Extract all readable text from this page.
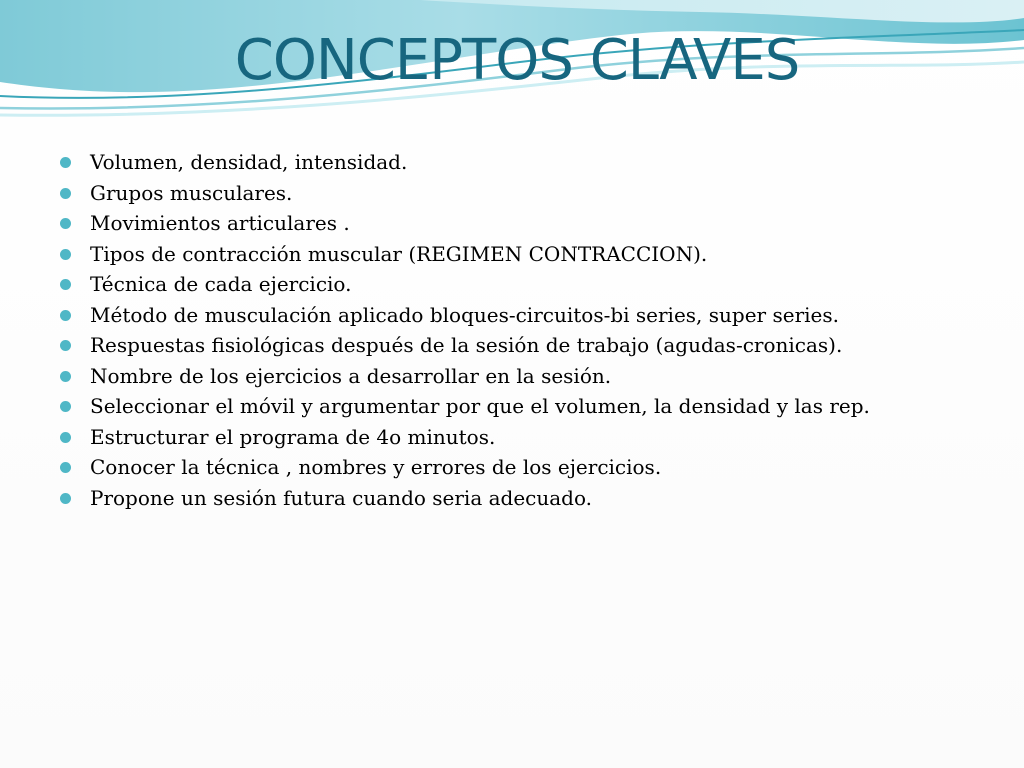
CONCEPTOS CLAVES
Volumen, densidad, intensidad.
Grupos musculares.
Movimientos articulares .
Tipos de contracción muscular (REGIMEN CONTRACCION).
Técnica de cada ejercicio.
Método de musculación aplicado bloques-circuitos-bi series, super series.
Respuestas fisiológicas después de la sesión de trabajo (agudas-cronicas).
Nombre de los ejercicios a desarrollar en la sesión.
Seleccionar el móvil y argumentar por que el volumen, la densidad y las rep.
Estructurar el programa de 4o minutos.
Conocer la técnica , nombres y errores de los ejercicios.
Propone un sesión futura cuando seria adecuado.
